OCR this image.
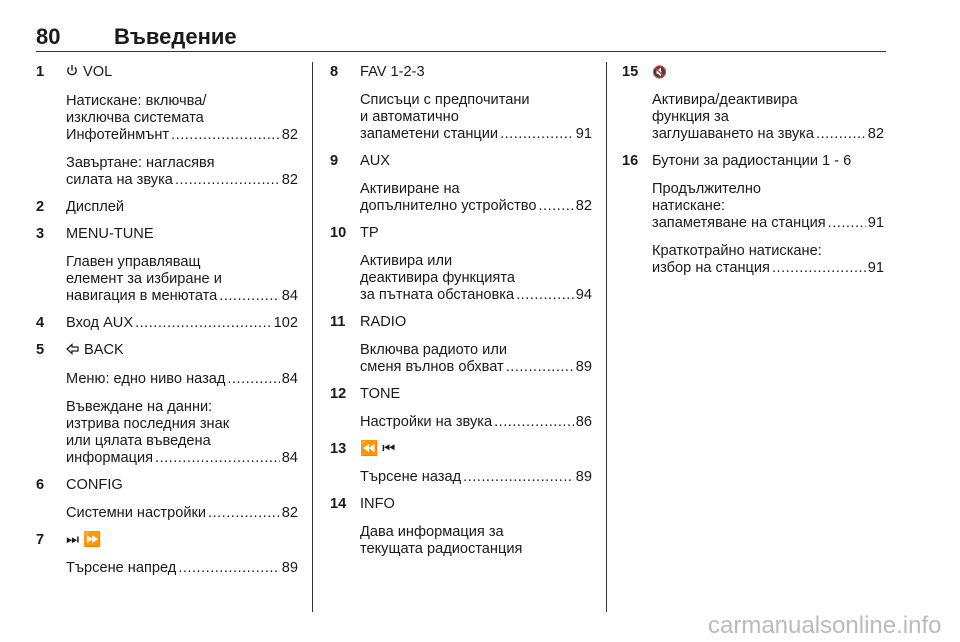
80 Въведение
1	VOL
Натискане: включва/
изключва системата
Инфотейнмънт .....	82
Завъртане: нагласявя
силата на звука .....	82
2	Дисплей
3	MENU-TUNE
Главен управляващ
елемент за избиране и
навигация в менютата .....	84
4	Вход AUX .....	102
5	BACK
Меню: едно ниво назад .....	84
Въвеждане на данни:
изтрива последния знак
или цялата въведена
информация .....	84
6	CONFIG
Системни настройки .....	82
7	⏭ ⏩
Търсене напред .....	89
8	FAV 1-2-3
Списъци с предпочитани
и автоматично
запаметени станции .....	91
9	AUX
Активиране на
допълнително устройство .....	82
10 TP
Активира или
деактивира функцията
за пътната обстановка .....	94
11 RADIO
Включва радиото или
сменя вълнов обхват .....	89
12 TONE
Настройки на звука .....	86
13 ⏪ ⏮
Търсене назад .....	89
14 INFO
Дава информация за
текущата радиостанция
15	🔇
Активира/деактивира
функция за
заглушаването на звука .....	82
16 Бутони за радиостанции 1 - 6
Продължително
натискане:
запаметяване на станция .....	91
Краткотрайно натискане:
избор на станция .....	91
carmanualsonline.info
